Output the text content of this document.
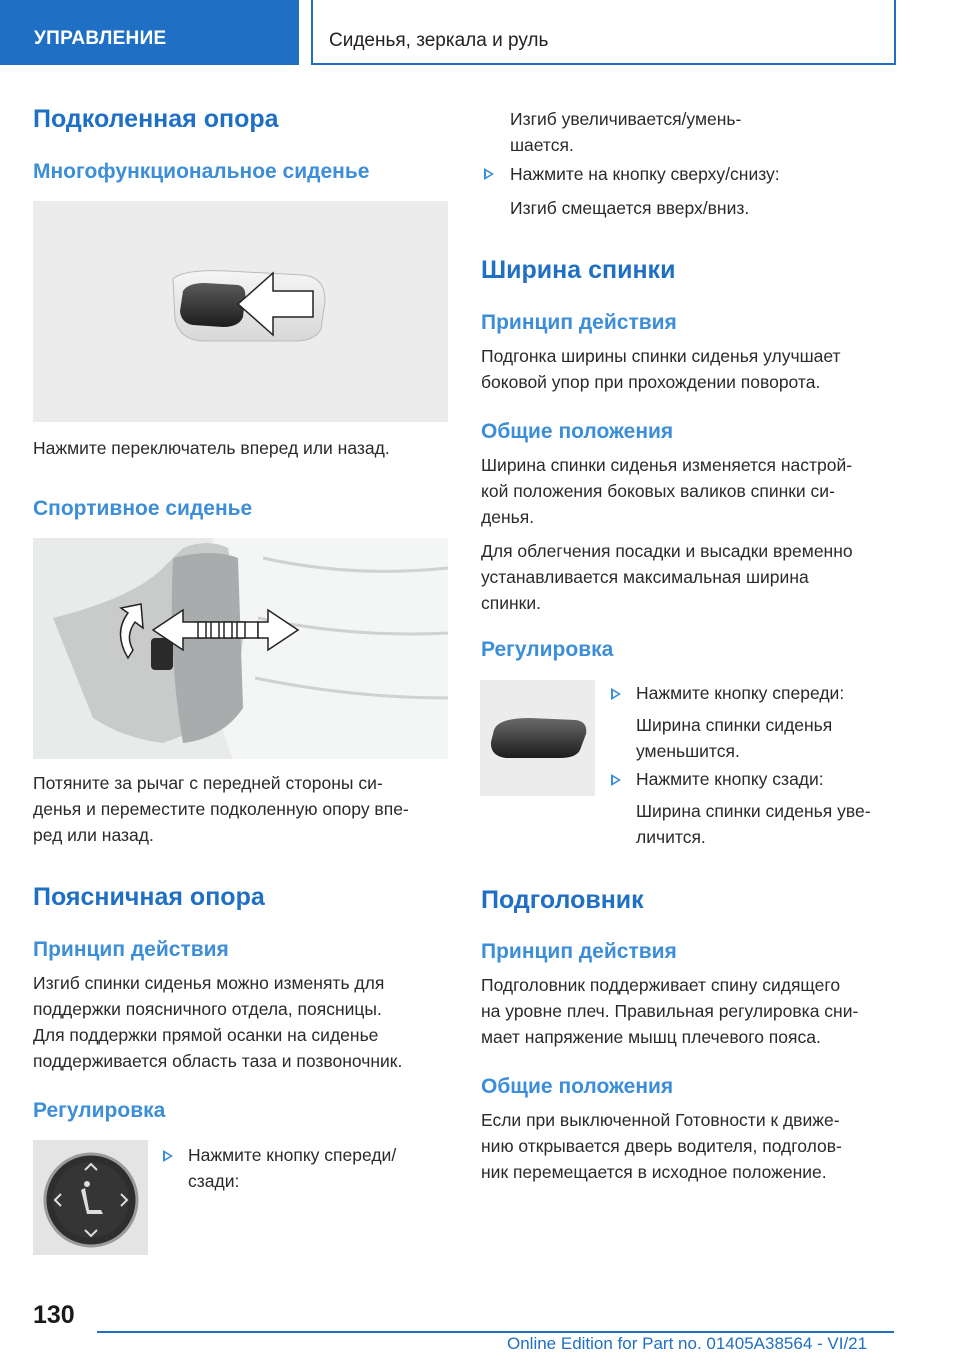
УПРАВЛЕНИЕ	Сиденья, зеркала и руль
Подколенная опора
Многофункциональное сиденье
Нажмите переключатель вперед или назад.
Спортивное сиденье
Потяните за рычаг с передней стороны си-
денья и переместите подколенную опору впе-
ред или назад.
Поясничная опора
Принцип действия
Изгиб спинки сиденья можно изменять для
поддержки поясничного отдела, поясницы.
Для поддержки прямой осанки на сиденье
поддерживается область таза и позвоночник.
Регулировка
Нажмите кнопку спереди/
сзади:
Изгиб увеличивается/умень-
шается.
Нажмите на кнопку сверху/снизу:
Изгиб смещается вверх/вниз.
Ширина спинки
Принцип действия
Подгонка ширины спинки сиденья улучшает
боковой упор при прохождении поворота.
Общие положения
Ширина спинки сиденья изменяется настрой-
кой положения боковых валиков спинки си-
денья.
Для облегчения посадки и высадки временно
устанавливается максимальная ширина
спинки.
Регулировка
Нажмите кнопку спереди:
Ширина спинки сиденья
уменьшится.
Нажмите кнопку сзади:
Ширина спинки сиденья уве-
личится.
Подголовник
Принцип действия
Подголовник поддерживает спину сидящего
на уровне плеч. Правильная регулировка сни-
мает напряжение мышц плечевого пояса.
Общие положения
Если при выключенной Готовности к движе-
нию открывается дверь водителя, подголов-
ник перемещается в исходное положение.
130
Online Edition for Part no. 01405A38564 - VI/21
